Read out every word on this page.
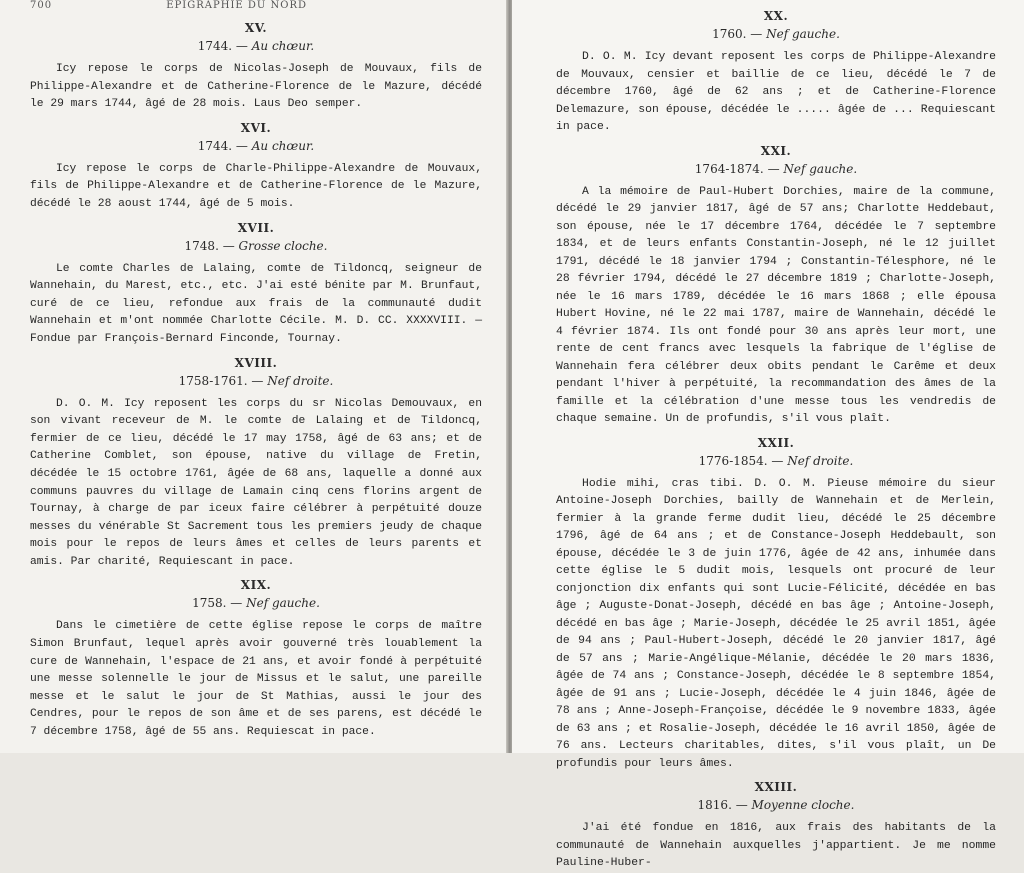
700	ÉPIGRAPHIE DU NORD
XV.
1744. — Au chœur.

Icy repose le corps de Nicolas-Joseph de Mouvaux, fils de Philippe-Alexandre et de Catherine-Florence de le Mazure, décédé le 29 mars 1744, âgé de 28 mois. Laus Deo semper.

XVI.
1744. — Au chœur.

Icy repose le corps de Charle-Philippe-Alexandre de Mouvaux, fils de Philippe-Alexandre et de Catherine-Florence de le Mazure, décédé le 28 aoust 1744, âgé de 5 mois.

XVII.
1748. — Grosse cloche.

Le comte Charles de Lalaing, comte de Tildoncq, seigneur de Wannehain, du Marest, etc., etc. J'ai esté bénite par M. Brunfaut, curé de ce lieu, refondue aux frais de la communauté dudit Wannehain et m'ont nommée Charlotte Cécile. M. D. CC. XXXXVIII. — Fondue par François-Bernard Finconde, Tournay.

XVIII.
1758-1761. — Nef droite.

D. O. M. Icy reposent les corps du sr Nicolas Demouvaux, en son vivant receveur de M. le comte de Lalaing et de Tildoncq, fermier de ce lieu, décédé le 17 may 1758, âgé de 63 ans; et de Catherine Comblet, son épouse, native du village de Fretin, décédée le 15 octobre 1761, âgée de 68 ans, laquelle a donné aux communs pauvres du village de Lamain cinq cens florins argent de Tournay, à charge de par iceux faire célébrer à perpétuité douze messes du vénérable St Sacrement tous les premiers jeudy de chaque mois pour le repos de leurs âmes et celles de leurs parents et amis. Par charité, Requiescant in pace.

XIX.
1758. — Nef gauche.

Dans le cimetière de cette église repose le corps de maître Simon Brunfaut, lequel après avoir gouverné très louablement la cure de Wannehain, l'espace de 21 ans, et avoir fondé à perpétuité une messe solennelle le jour de Missus et le salut, une pareille messe et le salut le jour de St Mathias, aussi le jour des Cendres, pour le repos de son âme et de ses parens, est décédé le 7 décembre 1758, âgé de 55 ans. Requiescat in pace.

XX.
1760. — Nef gauche.

D. O. M. Icy devant reposent les corps de Philippe-Alexandre de Mouvaux, censier et baillie de ce lieu, décédé le 7 de décembre 1760, âgé de 62 ans ; et de Catherine-Florence Delemazure, son épouse, décédée le ..... âgée de ... Requiescant in pace.

XXI.
1764-1874. — Nef gauche.

A la mémoire de Paul-Hubert Dorchies, maire de la commune, décédé le 29 janvier 1817, âgé de 57 ans; Charlotte Heddebaut, son épouse, née le 17 décembre 1764, décédée le 7 septembre 1834, et de leurs enfants Constantin-Joseph, né le 12 juillet 1791, décédé le 18 janvier 1794 ; Constantin-Télesphore, né le 28 février 1794, décédé le 27 décembre 1819 ; Charlotte-Joseph, née le 16 mars 1789, décédée le 16 mars 1868 ; elle épousa Hubert Hovine, né le 22 mai 1787, maire de Wannehain, décédé le 4 février 1874. Ils ont fondé pour 30 ans après leur mort, une rente de cent francs avec lesquels la fabrique de l'église de Wannehain fera célébrer deux obits pendant le Carême et deux pendant l'hiver à perpétuité, la recommandation des âmes de la famille et la célébration d'une messe tous les vendredis de chaque semaine. Un de profundis, s'il vous plaît.

XXII.
1776-1854. — Nef droite.

Hodie mihi, cras tibi. D. O. M. Pieuse mémoire du sieur Antoine-Joseph Dorchies, bailly de Wannehain et de Merlein, fermier à la grande ferme dudit lieu, décédé le 25 décembre 1796, âgé de 64 ans ; et de Constance-Joseph Heddebault, son épouse, décédée le 3 de juin 1776, âgée de 42 ans, inhumée dans cette église le 5 dudit mois, lesquels ont procuré de leur conjonction dix enfants qui sont Lucie-Félicité, décédée en bas âge ; Auguste-Donat-Joseph, décédé en bas âge ; Antoine-Joseph, décédé en bas âge ; Marie-Joseph, décédée le 25 avril 1851, âgée de 94 ans ; Paul-Hubert-Joseph, décédé le 20 janvier 1817, âgé de 57 ans ; Marie-Angélique-Mélanie, décédée le 20 mars 1836, âgée de 74 ans ; Constance-Joseph, décédée le 8 septembre 1854, âgée de 91 ans ; Lucie-Joseph, décédée le 4 juin 1846, âgée de 78 ans ; Anne-Joseph-Françoise, décédée le 9 novembre 1833, âgée de 63 ans ; et Rosalie-Joseph, décédée le 16 avril 1850, âgée de 76 ans. Lecteurs charitables, dites, s'il vous plaît, un De profundis pour leurs âmes.

XXIII.
1816. — Moyenne cloche.

J'ai été fondue en 1816, aux frais des habitants de la communauté de Wannehain auxquelles j'appartient. Je me nomme Pauline-Huber-
